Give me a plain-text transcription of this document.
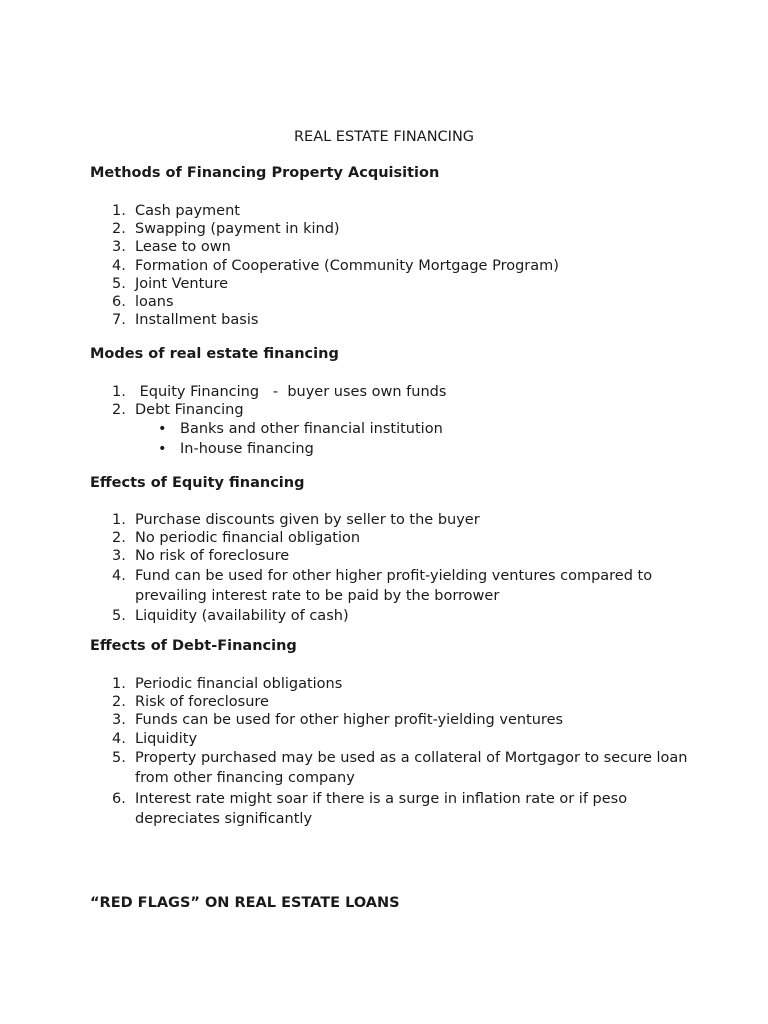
REAL ESTATE FINANCING
Methods of Financing Property Acquisition
1. Cash payment
2. Swapping (payment in kind)
3. Lease to own
4. Formation of Cooperative (Community Mortgage Program)
5. Joint Venture
6. loans
7. Installment basis
Modes of real estate financing
1. Equity Financing   -  buyer uses own funds
2. Debt Financing
• Banks and other financial institution
• In-house financing
Effects of Equity financing
1. Purchase discounts given by seller to the buyer
2. No periodic financial obligation
3. No risk of foreclosure
4. Fund can be used for other higher profit-yielding ventures compared to prevailing interest rate to be paid by the borrower
5. Liquidity (availability of cash)
Effects of Debt-Financing
1. Periodic financial obligations
2. Risk of foreclosure
3. Funds can be used for other higher profit-yielding ventures
4. Liquidity
5. Property purchased may be used as a collateral of Mortgagor to secure loan from other financing company
6. Interest rate might soar if there is a surge in inflation rate or if peso depreciates significantly
“RED FLAGS” ON REAL ESTATE LOANS
